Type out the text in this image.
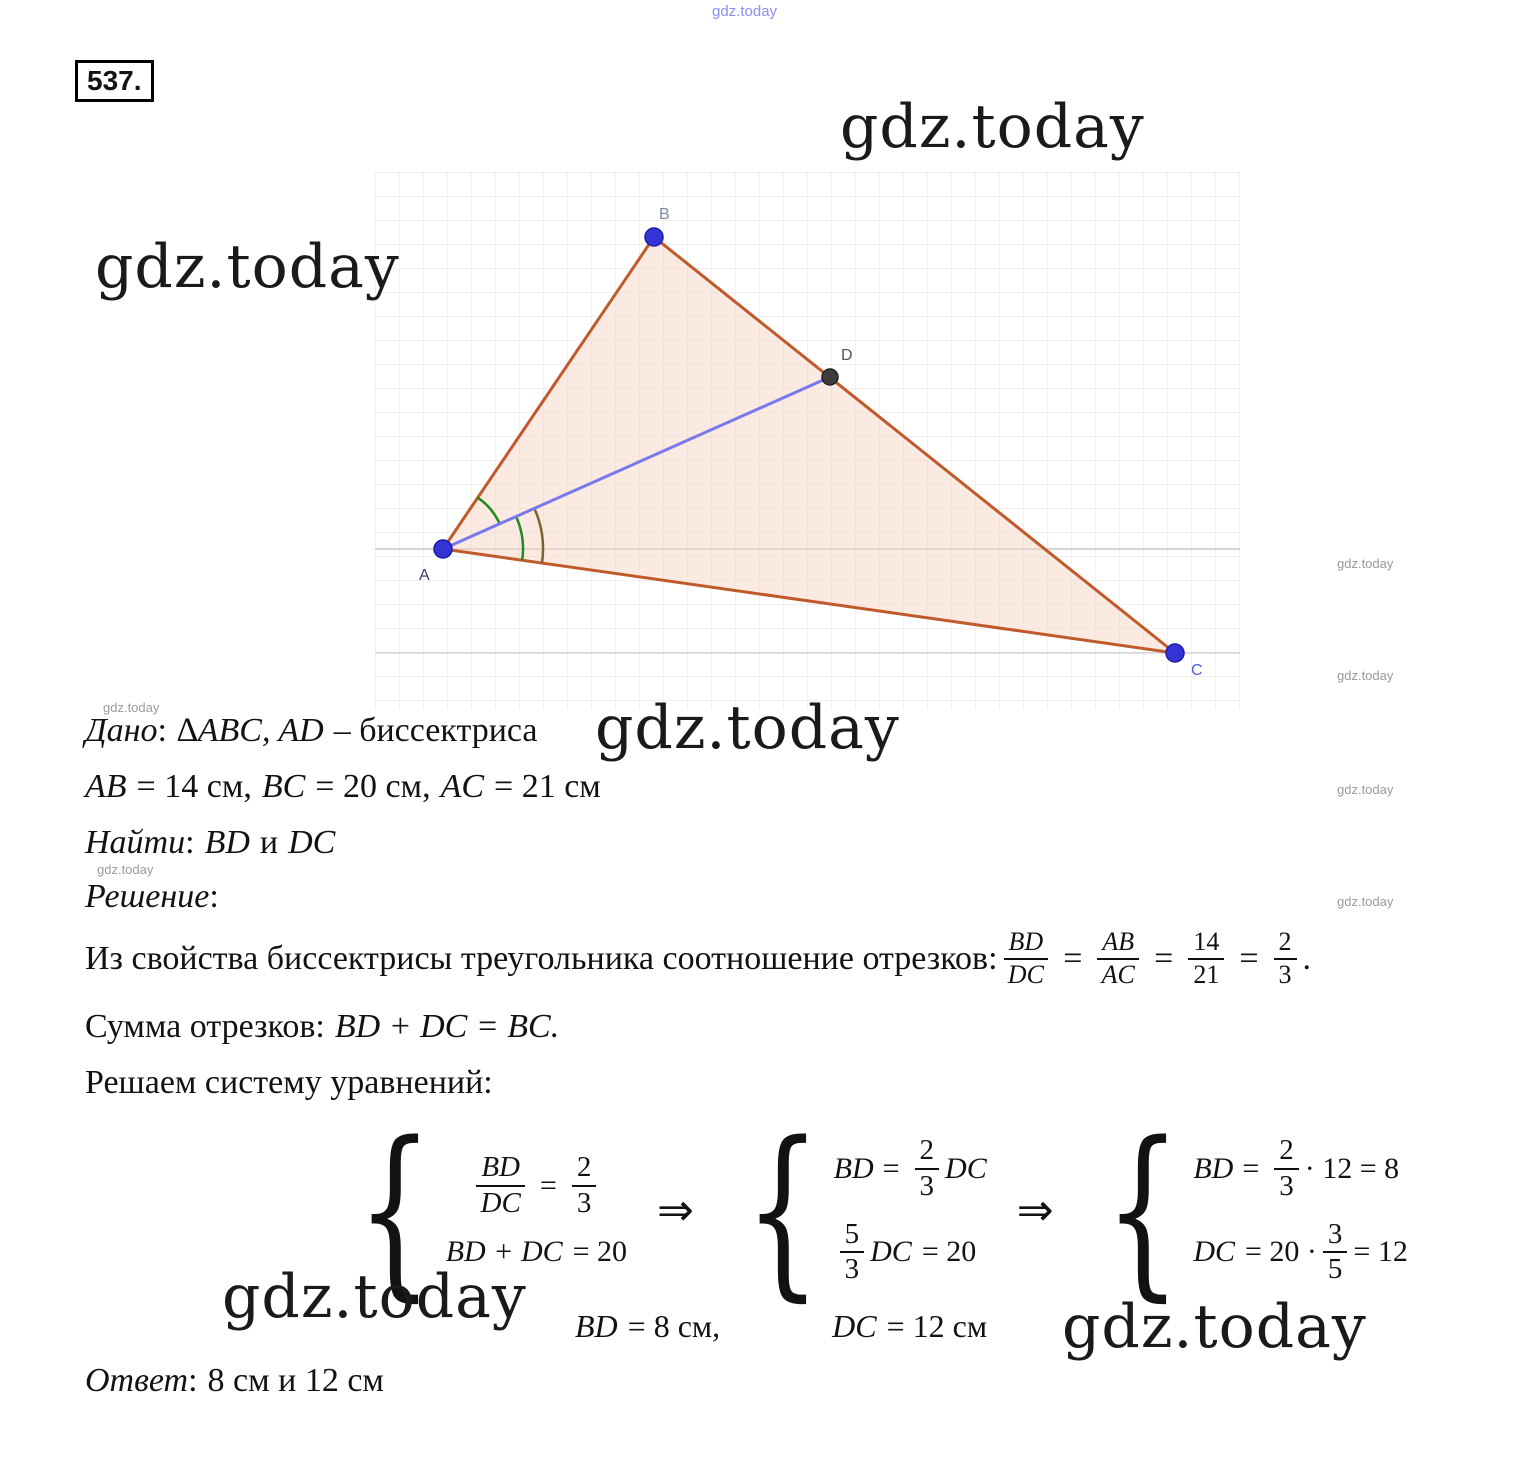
gdz.today
gdz.today
gdz.today
gdz.today
gdz.today	gdz.today
gdz.today
gdz.today
gdz.today
gdz.today
gdz.today
gdz.today
537.
B
D
A
C
Дано : ∆ABC, AD – биссектриса
AB = 14 см, BC = 20 см, AC = 21 см
Найти : BD и DC
Решение :
Из свойства биссектрисы треугольника соотношение отрезков: $\frac{BD}{DC} = \frac{AB}{AC} = \frac{14}{21} = \frac{2}{3}$ .
Сумма отрезков: BD + DC = BC.
Решаем систему уравнений:
{ $\frac{BD}{DC} = \frac{2}{3}$
BD + DC = 20
⇒ { BD = $\frac{2}{3}$ DC
$\frac{5}{3}$ DC = 20
⇒ { BD = $\frac{2}{3} \cdot 12 = 8$
DC = $20 \cdot \frac{3}{5} = 12$
BD = 8 см,	DC = 12 см
Ответ : 8 см и 12 см
